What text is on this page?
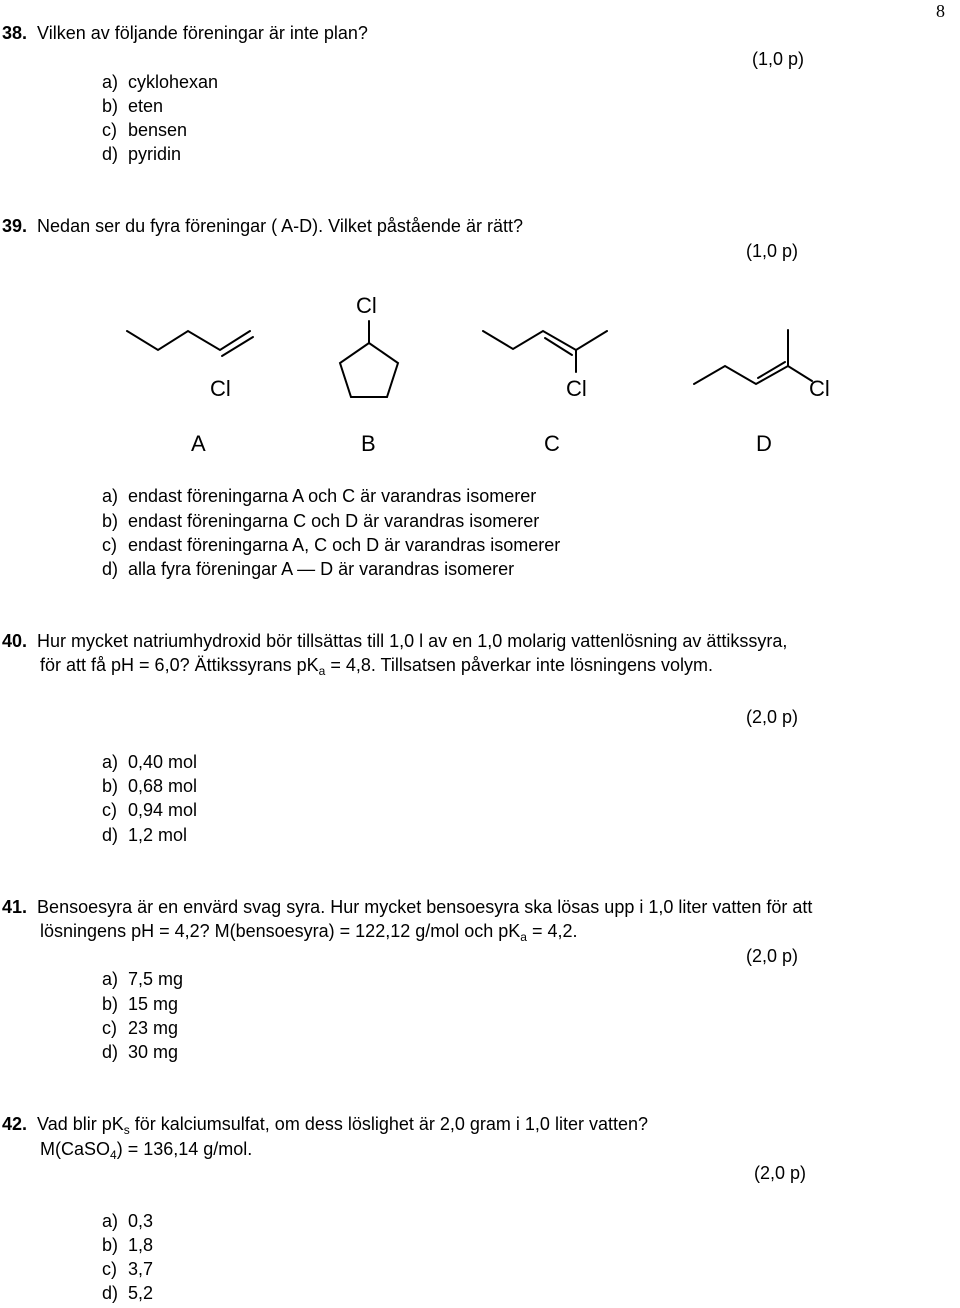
8
38. Vilken av följande föreningar är inte plan?
(1,0 p)
a) cyklohexan
b) eten
c) bensen
d) pyridin
39. Nedan ser du fyra föreningar ( A-D). Vilket påstående är rätt?
(1,0 p)
Cl
Cl	Cl	Cl
A	B	C	D
a) endast föreningarna A och C är varandras isomerer
b) endast föreningarna C och D är varandras isomerer
c) endast föreningarna A, C och D är varandras isomerer
d) alla fyra föreningar A — D är varandras isomerer
40. Hur mycket natriumhydroxid bör tillsättas till 1,0 l av en 1,0 molarig vattenlösning av ättikssyra,
för att få pH = 6,0? Ättikssyrans $pK_a = 4,8$. Tillsatsen påverkar inte lösningens volym.
(2,0 p)
a) 0,40 mol
b) 0,68 mol
c) 0,94 mol
d) 1,2 mol
41. Bensoesyra är en envärd svag syra. Hur mycket bensoesyra ska lösas upp i 1,0 liter vatten för att
lösningens pH = 4,2? M(bensoesyra) = 122,12 g/mol och $pK_a = 4,2$.
(2,0 p)
a) 7,5 mg
b) 15 mg
c) 23 mg
d) 30 mg
42. Vad blir $pK_s$ för kalciumsulfat, om dess löslighet är 2,0 gram i 1,0 liter vatten?
M(CaSO$_4$) = 136,14 g/mol.
(2,0 p)
a) 0,3
b) 1,8
c) 3,7
d) 5,2
